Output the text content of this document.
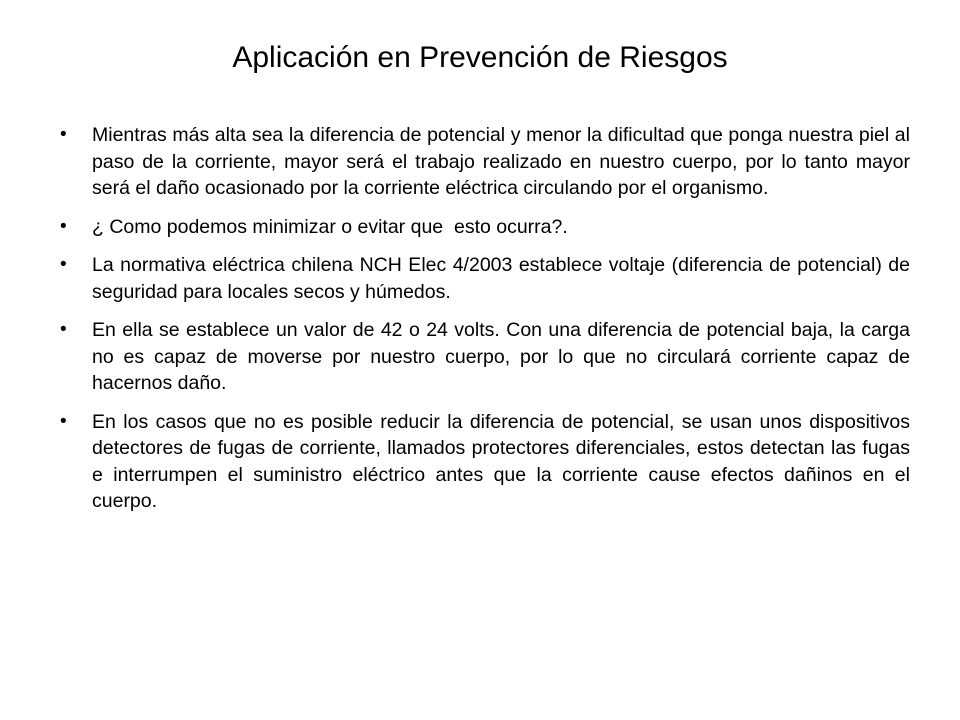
Aplicación en Prevención de Riesgos
•	Mientras más alta sea la diferencia de potencial y menor la dificultad que ponga nuestra piel al paso de la corriente, mayor será el trabajo realizado en nuestro cuerpo, por lo tanto mayor será el daño ocasionado por la corriente eléctrica circulando por el organismo.
•	¿ Como podemos minimizar o evitar que  esto ocurra?.
•	La normativa eléctrica chilena NCH Elec 4/2003 establece voltaje (diferencia de potencial) de seguridad para locales secos y húmedos.
•	En ella se establece un valor de 42 o 24 volts. Con una diferencia de potencial baja, la carga no es capaz de moverse por nuestro cuerpo, por lo que no circulará corriente capaz de hacernos daño.
•	En los casos que no es posible reducir la diferencia de potencial, se usan unos dispositivos detectores de fugas de corriente, llamados protectores diferenciales, estos detectan las fugas e interrumpen el suministro eléctrico antes que la corriente cause efectos dañinos en el  cuerpo.
